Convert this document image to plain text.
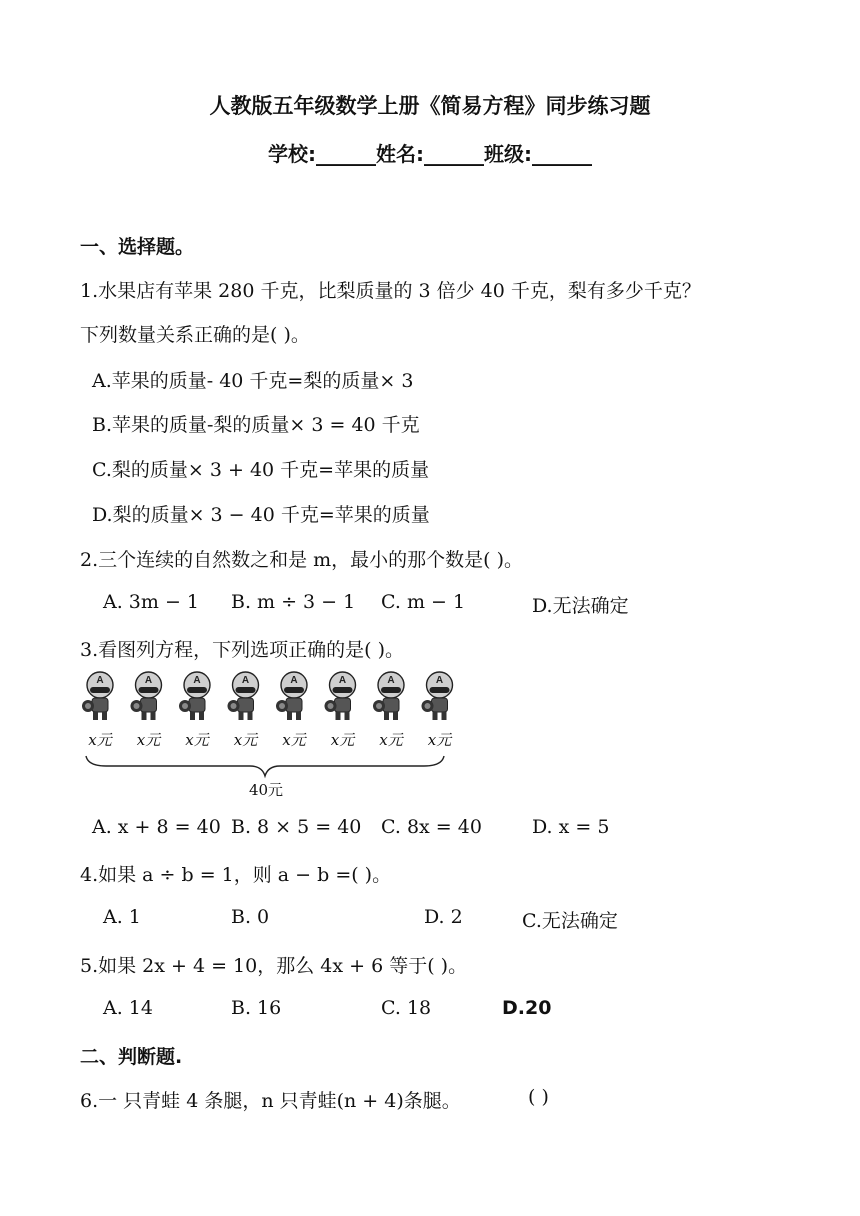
人教版五年级数学上册《简易方程》同步练习题
学校:______姓名:______班级:______
一、选择题。
1.水果店有苹果 280 千克，比梨质量的 3 倍少 40 千克，梨有多少千克？
下列数量关系正确的是( )。
A.苹果的质量- 40 千克=梨的质量× 3
B.苹果的质量-梨的质量× 3 = 40 千克
C.梨的质量× 3 + 40 千克=苹果的质量
D.梨的质量× 3 − 40 千克=苹果的质量
2.三个连续的自然数之和是 m，最小的那个数是( )。
A. 3m − 1 B. m ÷ 3 − 1 C. m − 1	D.无法确定
3.看图列方程，下列选项正确的是( )。
A
x元 x元 x元 x元 x元 x元 x元 x元
40元
A. x + 8 = 40 B. 8 × 5 = 40 C. 8x = 40	D. x = 5
4.如果 a ÷ b = 1，则 a − b =( )。
A. 1	B. 0	D. 2	C.无法确定
5.如果 2x + 4 = 10，那么 4x + 6 等于( )。
A. 14	B. 16	C. 18	D.20
二、判断题.
6.一 只青蛙 4 条腿，n 只青蛙(n + 4)条腿。	( )
